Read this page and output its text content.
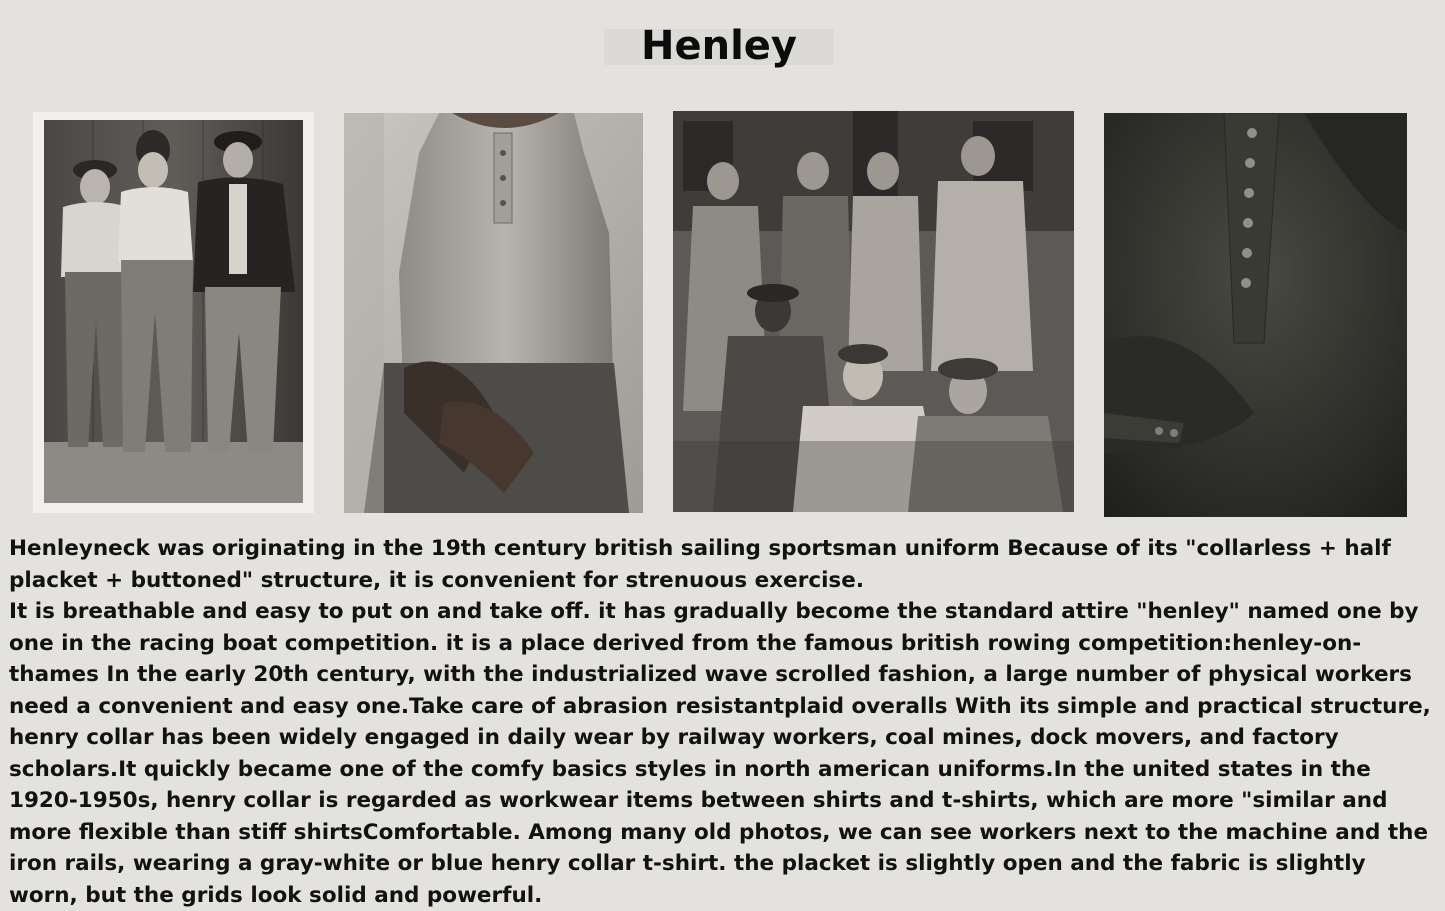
Henley

Henleyneck was originating in the 19th century british sailing sportsman uniform Because of its "collarless + half placket + buttoned" structure, it is convenient for strenuous exercise.

It is breathable and easy to put on and take off. it has gradually become the standard attire "henley" named one by one in the racing boat competition. it is a place derived from the famous british rowing competition:henley-on-thames In the early 20th century, with the industrialized wave scrolled fashion, a large number of physical workers need a convenient and easy one.Take care of abrasion resistantplaid overalls With its simple and practical structure, henry collar has been widely engaged in daily wear by railway workers, coal mines, dock movers, and factory scholars.It quickly became one of the comfy basics styles in north american uniforms.In the united states in the 1920-1950s, henry collar is regarded as workwear items between shirts and t-shirts, which are more "similar and more flexible than stiff shirtsComfortable. Among many old photos, we can see workers next to the machine and the iron rails, wearing a gray-white or blue henry collar t-shirt. the placket is slightly open and the fabric is slightly worn, but the grids look solid and powerful.
